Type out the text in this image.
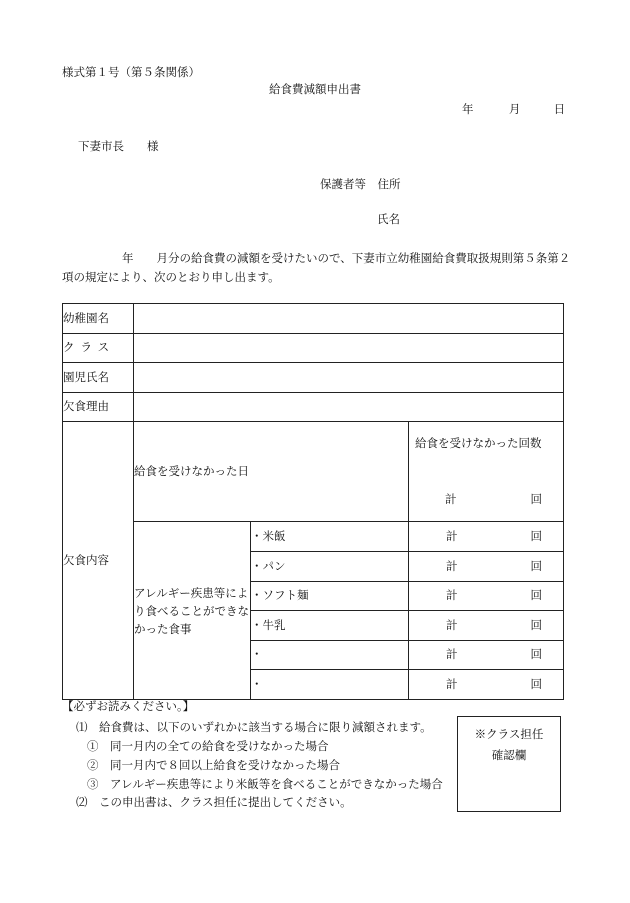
様式第１号（第５条関係）
給食費減額申出書
年	月	日
下妻市長　　様
保護者等　住所
氏名
年　　月分の給食費の減額を受けたいので、下妻市立幼稚園給食費取扱規則第５条第２項の規定により、次のとおり申し出ます。
幼稚園名			
クラス			
園児氏名			
欠食理由			
欠食内容	給食を受けなかった日		給食を受けなかった回数
計 回

	アレルギー疾患等により食べることができなかった食事	・米飯	計 回

		・パン	計 回

		・ソフト麺	計 回

		・牛乳	計 回

		・	計 回

		・	計 回
【必ずお読みください。】
⑴　給食費は、以下のいずれかに該当する場合に限り減額されます。
①　同一月内の全ての給食を受けなかった場合
②　同一月内で８回以上給食を受けなかった場合
③　アレルギー疾患等により米飯等を食べることができなかった場合
⑵　この申出書は、クラス担任に提出してください。
※クラス担任
確認欄
